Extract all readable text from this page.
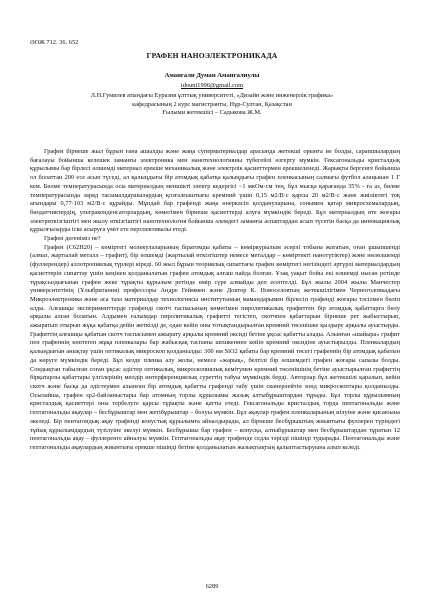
ӘОЖ 712. 36. 652
ГРАФЕН НАНОЭЛЕКТРОНИКАДА
Амангали Думан Амангалиулы
idouni1996@gmail.com
Л.Н.Гумилев атындағы Еуразия ұлттық университеті, «Дизайн және инженерлік графика»
кафедрасының 2 курс магистранты, Нұр-Султан, Қазақстан
Ғылыми жетекшісі – Садыкова Ж.М.

Графен бірнеше жыл бұрын ғана ашылды және жаңа суперматериалдар арасында жетекші орынға ие болды, сарапшылардың бағалауы бойынша келешек заманғы электроника мен нанотехнологияны түбегейлі өзгерту мүмкін. Гексагональды кристалдық құрылымы бар бірлесі өлшемді материал ерекше механикалық және электрлік қасиеттермен ерекшеленеді. Жарықты бергенге бойынша ол болаттан 200 есе асып түседі, ал қалыңдығы бір атомдық қабатқа қалыңдығы графен пленкасының салмағы футбол алаңынан 1 Г кем. Бөлме температурасында осы материалдың меншікті электр кедергісі ~1 мкОм·см тең, бұл мысқа қарағанда 35% - ға аз, бөлме температурасында заряд тасымалдаушылардың қозғалғыштығы кремний үшін 0,15 м2/В·с қарсы 20 м2/В·с және жиіліктегі тоқ ағындары 0,77·103 м2/В·с құрайды. Мұндай бар графенді жаңа өнеркәсіп қолдануларына, сонымен қатар микросхемалардың, биодатчиктердің, ультраконденсаторлардың, көмегімен бірнеше қасиеттерді алуға мүмкіндік береді. Бұл материалдың өте жоғары электрөткізгіштігі мен жылу өткізгіштігі нанотехнология бойынша әлемдегі заманғы аспаптардан асып түсетін басқа да инновациялық құрылғыларды іске асыруға үміт ете перспективалы етеді.

Графен дегеніміз не?

Графен (C62H20) – көміртегі молекулаларының біратомды қабаты – көміркурылым әсерлі тобына жататын, оған ұшыпшенді (алмаз, жартылай металл – графит), бір өлшемді (жартылай өткізгіштер немесе металдар – көміртекті нанотүтіктер) және нөлөлшемді (фуллерендер) аллотропиялық түрлері кіреді. 60 жыл бұрын теориялық сипаттағы графен көміртегі негізіндегі әртүрлі материалдардың қасиеттерін сипаттау үшін кеңінен қолданылатын графен атомдық алғаш пайда болған. Ұзақ уақыт бойы екі өлшемді нысан ретінде тұрақсыздығынан графен жеке тұрақты құрылым ретінде өмір сүре алмайды деп есептелді. Бұл жылы 2004 жылы Манчестер университетінің (Ұлыбритания) профессоры Андре Гейммен және Доктор К. Новоселовтың жетекшілігімен Черноголовкадағы Микроэлектроника және аса таза материалдар технологиясы институтының мамандарымен бірлесіп графенді жоғары тәсілмен бөліп алды. Алғашқы эксперименттерде графенді скотч таспасының көмегімен пиролитикалық графиттен бір атомдық қабаттарға бөлу арқылы алған болатын. Алдымен ғалымдар пиролитикалық графитті тегістеп, скотчпен қабаттарын бірнеше рет жабыстырып, ажыратып отырып жұқа қабатқа дейін жеткізді де, одан кейін оны тотықтандырылған кремний төсенішке қыздыру арқылы ауыстырды. Графиттің алғашқы қабатын скотч таспасымен ажырату арқылы кремний оксиді бетіне ұқсас қабатты алады. Алынған «шайыра» графит пен графеннің көптеген жұқа пленкалары бар жабысқақ таспаны шешкеннен кейін кремний оксидіне ауыстырылды. Пленкалардың қалыңдығын анықтау үшін оптикалық микроскоп қолданылды: 300 нм SiO2 қабаты бар кремний төсегі графеннің бір атомдық қабатын да көруге мүмкіндік береді. Бұл кезде пленка алу жолы, немесе «жарық», белгілі бір өлшемдегі графен жоғары сапалы болды. Сондықтан табылған соған ұқсас әдістер оптикалық, микроскопиялық кемітумен кремний төсенішінің бетіне ауыстырылған графиттің бірқатарлы қабаттары үлгілерінің мөлдір интерференциялық суреттің табуы мүмкіндік берді. Авторлар бұл жетекшілі қаралып, кейін скотч және басқа да әдістермен алынған бір атомдық қабатты графенді табу үшін сканерлейтін зонд микроскоптары қолданылды. Осылайша, графен sp2-байланыстары бар атомның торлы құрылымы жазық алтыбұрыштардан тұрады. Бұл торлы құрылымның кристалдық қасиеттері оны тербелуге қарсы тұрақты және қатты етеді. Гексагональды кристалдық торда пентагональды және гептагональды ақаулар – бесбұрыштар мен жетібұрыштар – болуы мүмкін. Бұл ақаулар графен пленкаларының иілуіне және қисаюына әкеледі. Бір пентагондық ақау графенді конустық құрылымға айналдырады, ал бірнеше бесбұрыштың жиынтығы фуллерен түріндегі тұйық құрылымдардың түзілуіне әкелуі мүмкін. Бесбұрышы бар графен – конусқа, алтыбұрыштар мен бесбұрыштардан тұратын 12 пентагональды ақау – фуллеренге айналуы мүмкін. Гептагональды ақау графенде седла тәрізді пішінді тудырады. Пентагональды және гептагональды ақаулардың жиынтығы ерекше пішінді бетіне қолданылатын жазықтықтың қалыптастыруына алып келеді.

6289
